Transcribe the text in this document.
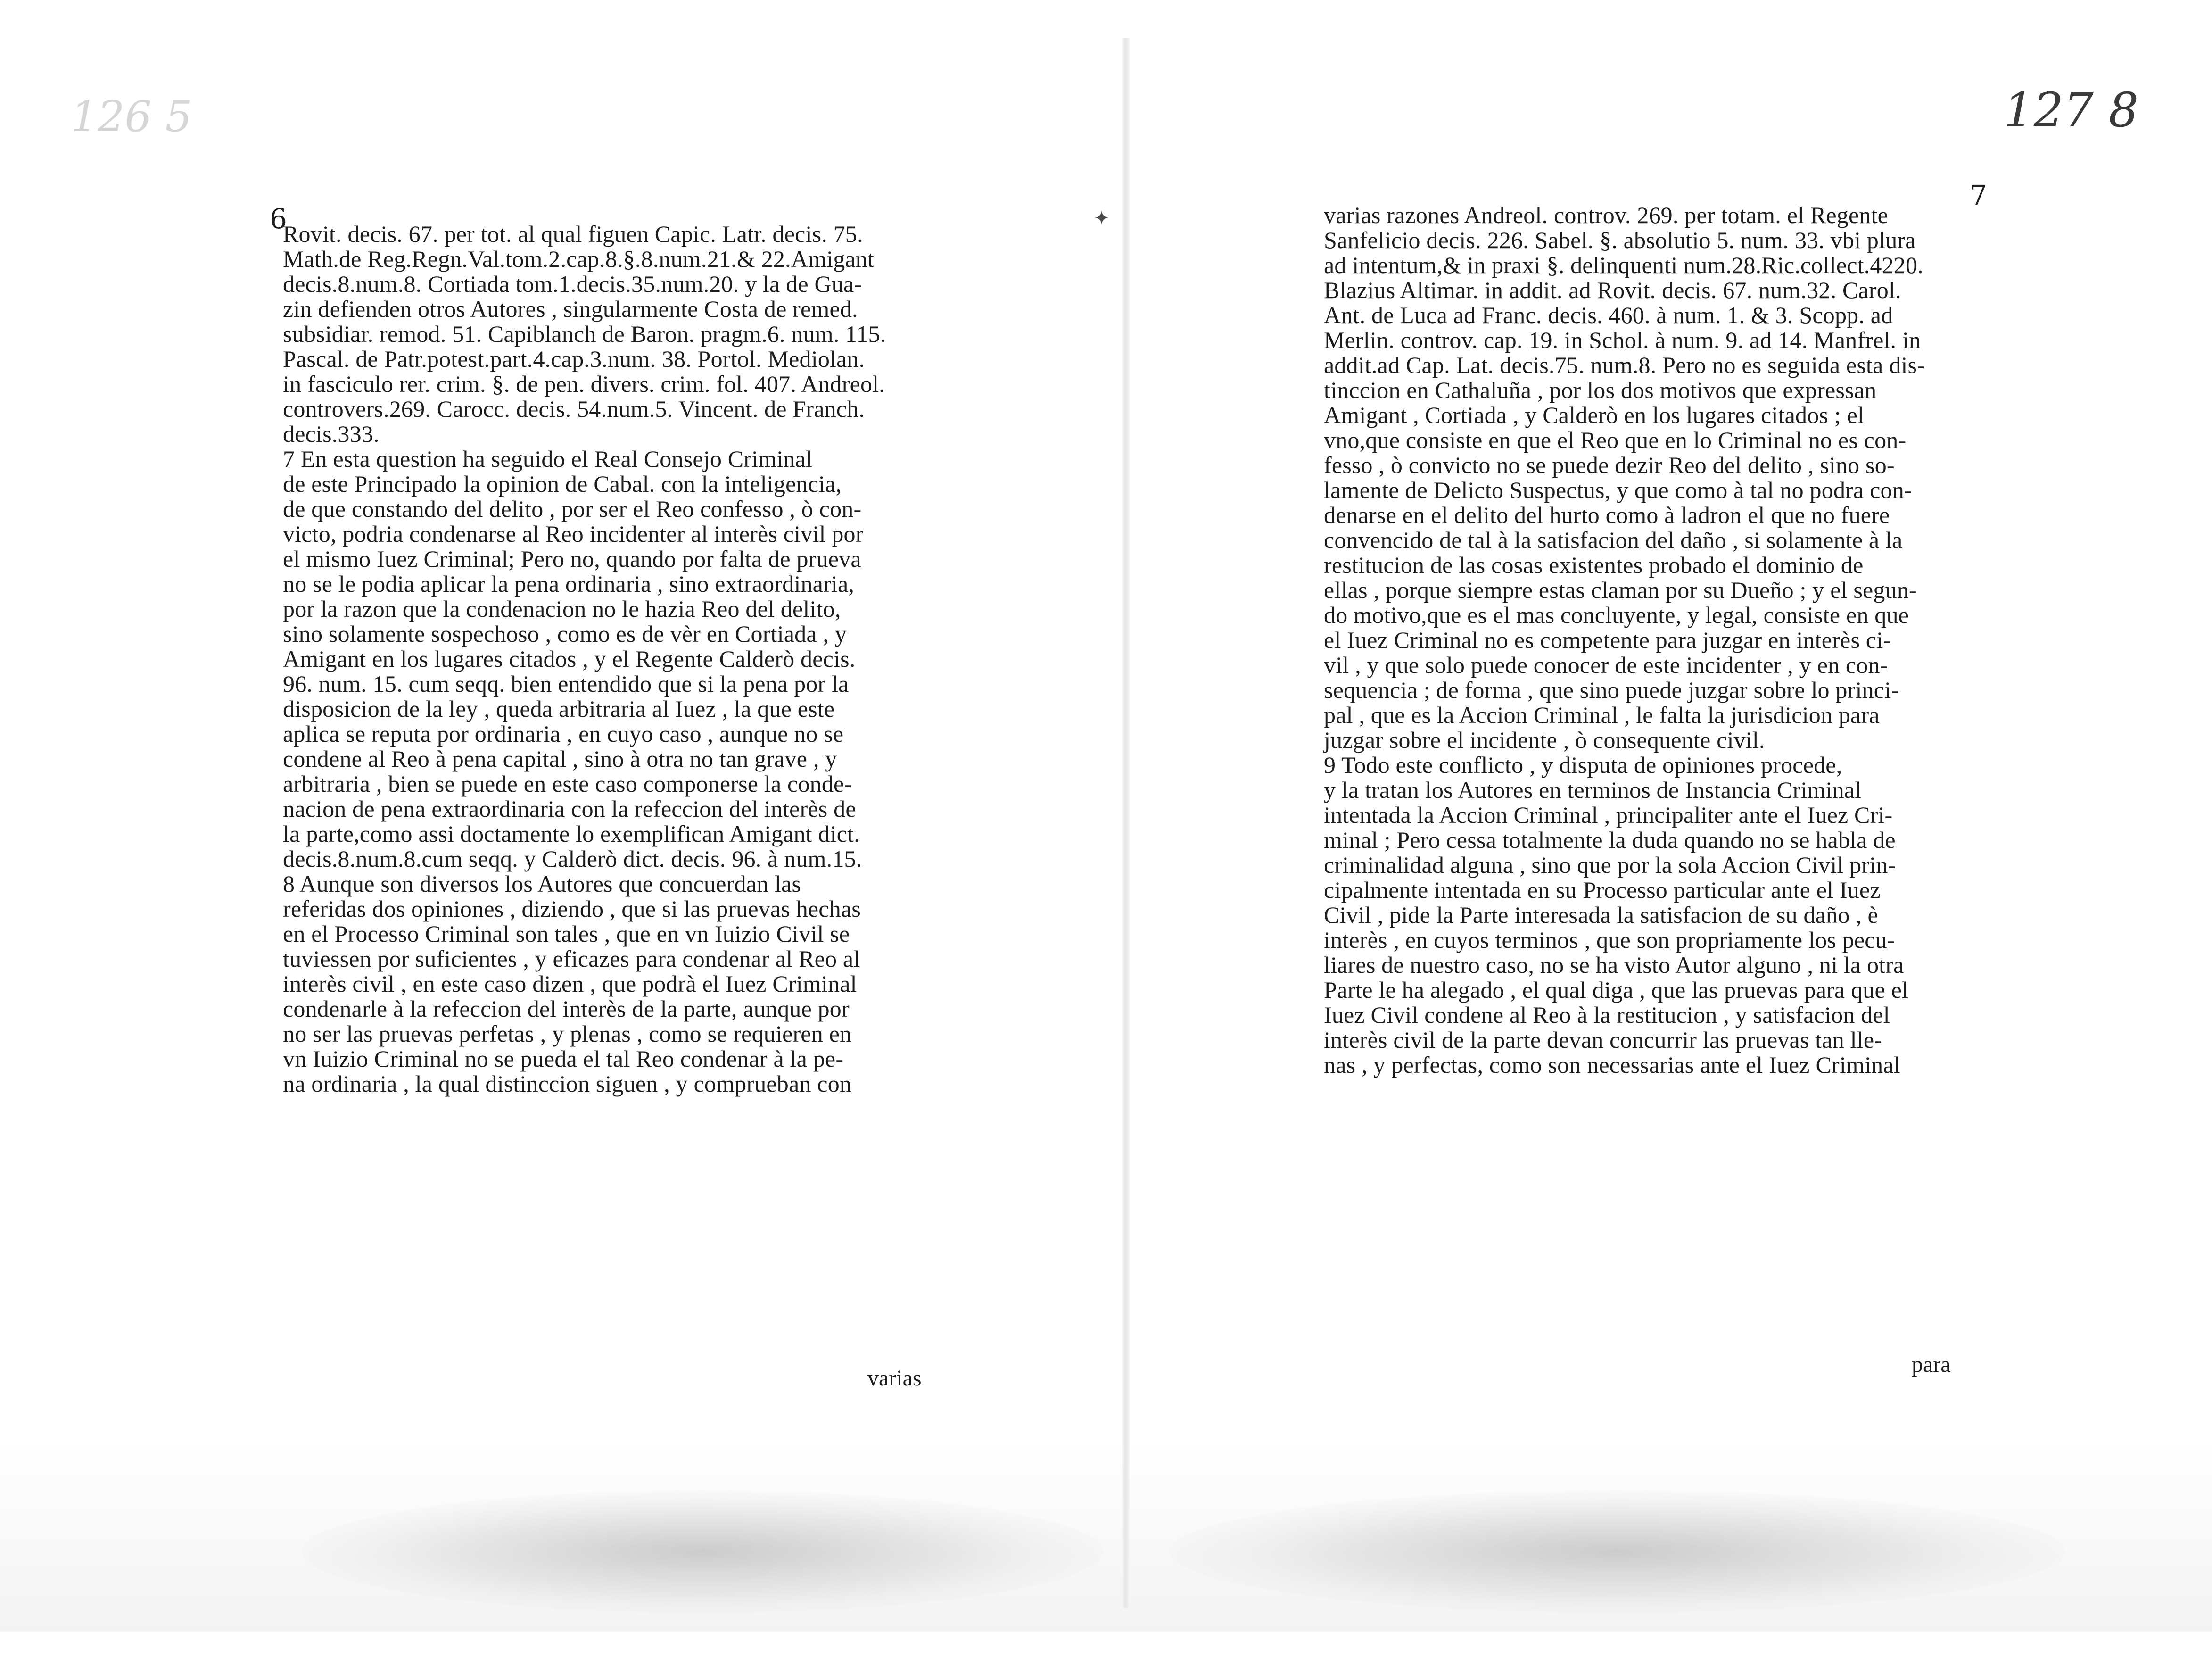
126 5	127 8
✦
6
7

Rovit. decis. 67. per tot. al qual figuen Capic. Latr. decis. 75.

Math.de Reg.Regn.Val.tom.2.cap.8.§.8.num.21.& 22.Amigant

decis.8.num.8. Cortiada tom.1.decis.35.num.20. y la de Gua-

zin defienden otros Autores , singularmente Costa de remed.

subsidiar. remod. 51. Capiblanch de Baron. pragm.6. num. 115.

Pascal. de Patr.potest.part.4.cap.3.num. 38. Portol. Mediolan.

in fasciculo rer. crim. §. de pen. divers. crim. fol. 407. Andreol.

controvers.269. Carocc. decis. 54.num.5. Vincent. de Franch.

decis.333.

7 En esta question ha seguido el Real Consejo Criminal

de este Principado la opinion de Cabal. con la inteligencia,

de que constando del delito , por ser el Reo confesso , ò con-

victo, podria condenarse al Reo incidenter al interès civil por

el mismo Iuez Criminal; Pero no, quando por falta de prueva

no se le podia aplicar la pena ordinaria , sino extraordinaria,

por la razon que la condenacion no le hazia Reo del delito,

sino solamente sospechoso , como es de vèr en Cortiada , y

Amigant en los lugares citados , y el Regente Calderò decis.

96. num. 15. cum seqq. bien entendido que si la pena por la

disposicion de la ley , queda arbitraria al Iuez , la que este

aplica se reputa por ordinaria , en cuyo caso , aunque no se

condene al Reo à pena capital , sino à otra no tan grave , y

arbitraria , bien se puede en este caso componerse la conde-

nacion de pena extraordinaria con la refeccion del interès de

la parte,como assi doctamente lo exemplifican Amigant dict.

decis.8.num.8.cum seqq. y Calderò dict. decis. 96. à num.15.

8 Aunque son diversos los Autores que concuerdan las

referidas dos opiniones , diziendo , que si las pruevas hechas

en el Processo Criminal son tales , que en vn Iuizio Civil se

tuviessen por suficientes , y eficazes para condenar al Reo al

interès civil , en este caso dizen , que podrà el Iuez Criminal

condenarle à la refeccion del interès de la parte, aunque por

no ser las pruevas perfetas , y plenas , como se requieren en

vn Iuizio Criminal no se pueda el tal Reo condenar à la pe-

na ordinaria , la qual distinccion siguen , y comprueban con

varias razones Andreol. controv. 269. per totam. el Regente

Sanfelicio decis. 226. Sabel. §. absolutio 5. num. 33. vbi plura

ad intentum,& in praxi §. delinquenti num.28.Ric.collect.4220.

Blazius Altimar. in addit. ad Rovit. decis. 67. num.32. Carol.

Ant. de Luca ad Franc. decis. 460. à num. 1. & 3. Scopp. ad

Merlin. controv. cap. 19. in Schol. à num. 9. ad 14. Manfrel. in

addit.ad Cap. Lat. decis.75. num.8. Pero no es seguida esta dis-

tinccion en Cathaluña , por los dos motivos que expressan

Amigant , Cortiada , y Calderò en los lugares citados ; el

vno,que consiste en que el Reo que en lo Criminal no es con-

fesso , ò convicto no se puede dezir Reo del delito , sino so-

lamente de Delicto Suspectus, y que como à tal no podra con-

denarse en el delito del hurto como à ladron el que no fuere

convencido de tal à la satisfacion del daño , si solamente à la

restitucion de las cosas existentes probado el dominio de

ellas , porque siempre estas claman por su Dueño ; y el segun-

do motivo,que es el mas concluyente, y legal, consiste en que

el Iuez Criminal no es competente para juzgar en interès ci-

vil , y que solo puede conocer de este incidenter , y en con-

sequencia ; de forma , que sino puede juzgar sobre lo princi-

pal , que es la Accion Criminal , le falta la jurisdicion para

juzgar sobre el incidente , ò consequente civil.

9 Todo este conflicto , y disputa de opiniones procede,

y la tratan los Autores en terminos de Instancia Criminal

intentada la Accion Criminal , principaliter ante el Iuez Cri-

minal ; Pero cessa totalmente la duda quando no se habla de

criminalidad alguna , sino que por la sola Accion Civil prin-

cipalmente intentada en su Processo particular ante el Iuez

Civil , pide la Parte interesada la satisfacion de su daño , è

interès , en cuyos terminos , que son propriamente los pecu-

liares de nuestro caso, no se ha visto Autor alguno , ni la otra

Parte le ha alegado , el qual diga , que las pruevas para que el

Iuez Civil condene al Reo à la restitucion , y satisfacion del

interès civil de la parte devan concurrir las pruevas tan lle-

nas , y perfectas, como son necessarias ante el Iuez Criminal

varias
para
